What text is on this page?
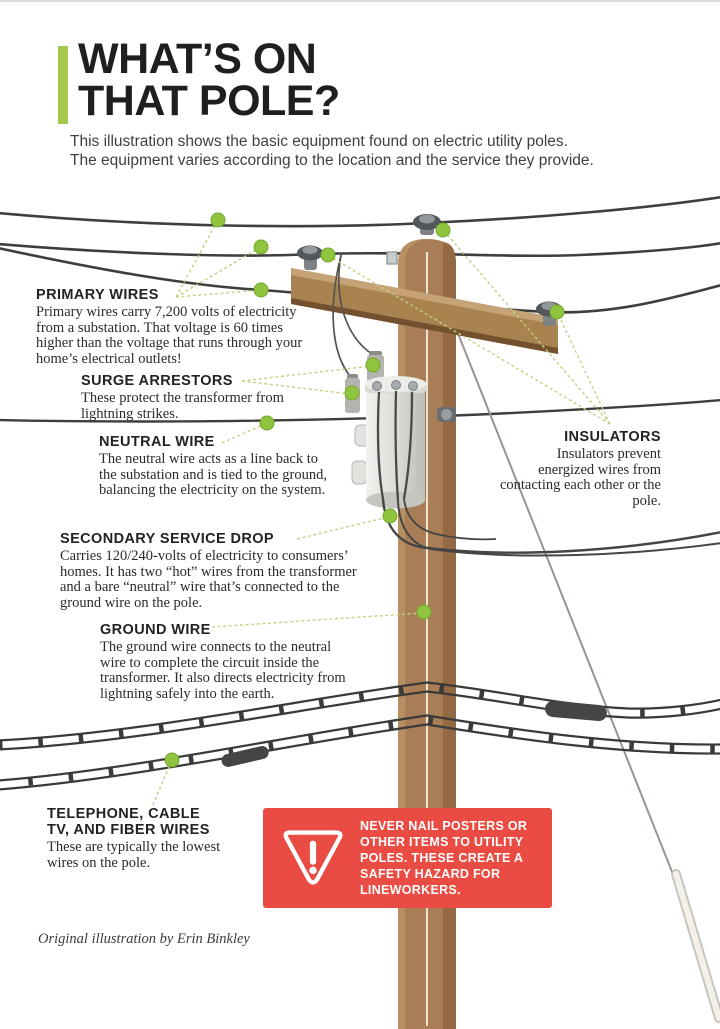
WHAT’S ON
THAT POLE?
This illustration shows the basic equipment found on electric utility poles.
The equipment varies according to the location and the service they provide.
PRIMARY WIRES

Primary wires carry 7,200 volts of electricity from a substation. That voltage is 60 times higher than the voltage that runs through your home’s electrical outlets!

SURGE ARRESTORS

These protect the transformer from lightning strikes.

NEUTRAL WIRE

The neutral wire acts as a line back to the substation and is tied to the ground, balancing the electricity on the system.

SECONDARY SERVICE DROP

Carries 120/240-volts of electricity to consumers’ homes. It has two “hot” wires from the transformer and a bare “neutral” wire that’s connected to the ground wire on the pole.

GROUND WIRE

The ground wire connects to the neutral wire to complete the circuit inside the transformer. It also directs electricity from lightning safely into the earth.

INSULATORS

Insulators prevent energized wires from contacting each other or the pole.

TELEPHONE, CABLE TV, AND FIBER WIRES

These are typically the lowest wires on the pole.

NEVER NAIL POSTERS OR OTHER ITEMS TO UTILITY POLES. THESE CREATE A SAFETY HAZARD FOR LINEWORKERS.
Original illustration by Erin Binkley
